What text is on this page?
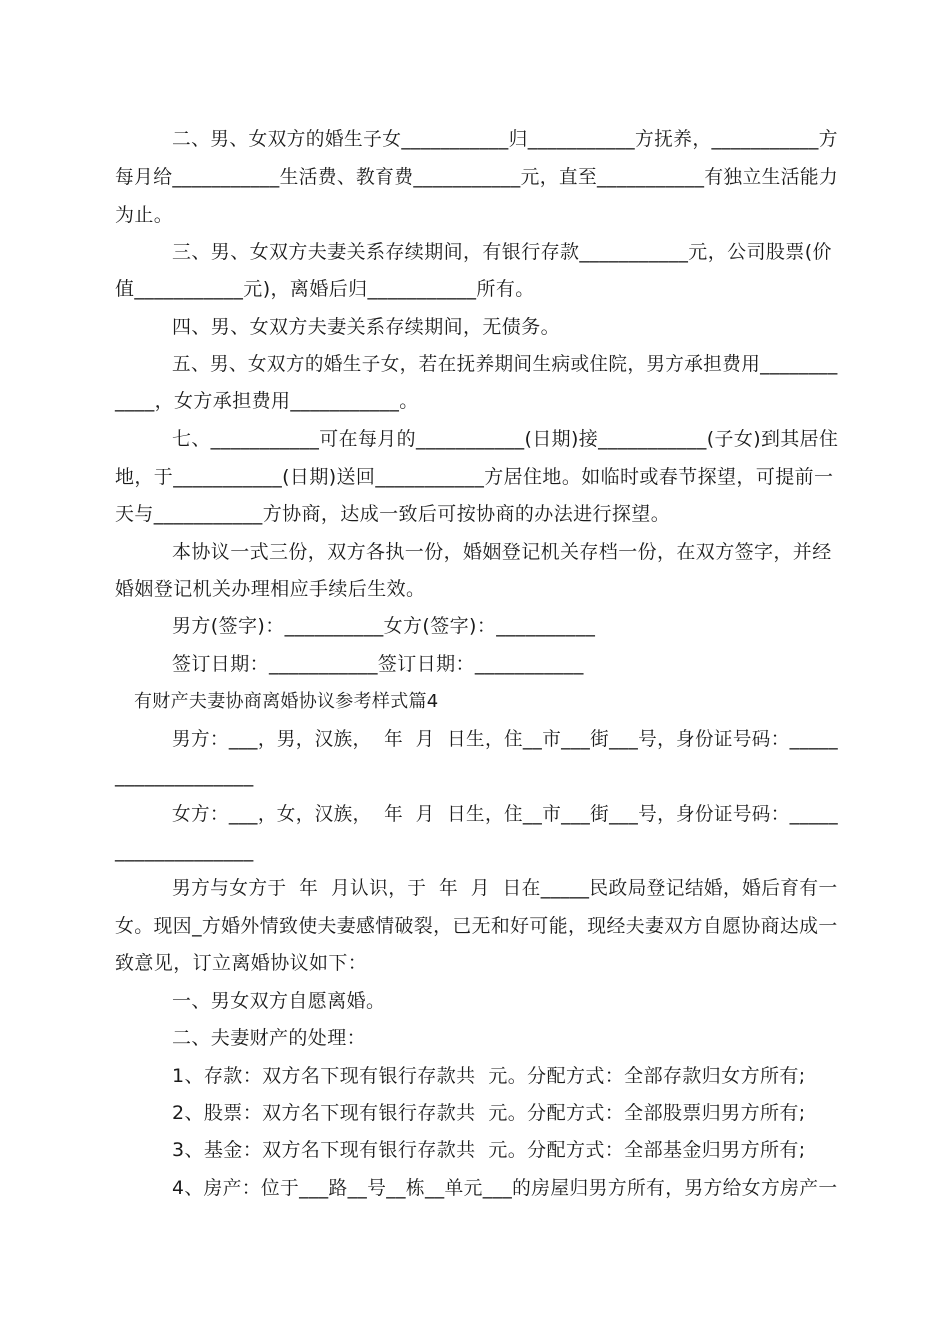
二、男、女双方的婚生子女___________归___________方抚养，___________方
每月给___________生活费、教育费___________元，直至___________有独立生活能力
为止。
三、男、女双方夫妻关系存续期间，有银行存款___________元，公司股票(价
值___________元)，离婚后归___________所有。
四、男、女双方夫妻关系存续期间，无债务。
五、男、女双方的婚生子女，若在抚养期间生病或住院，男方承担费用________
____，女方承担费用___________。
七、___________可在每月的___________(日期)接___________(子女)到其居住
地，于___________(日期)送回___________方居住地。如临时或春节探望，可提前一
天与___________方协商，达成一致后可按协商的办法进行探望。
本协议一式三份，双方各执一份，婚姻登记机关存档一份，在双方签字，并经
婚姻登记机关办理相应手续后生效。
男方(签字)：__________女方(签字)：__________
签订日期：___________签订日期：___________
有财产夫妻协商离婚协议参考样式篇4
男方：___，男，汉族，  年  月  日生，住__市___街___号，身份证号码：_____
______________
女方：___，女，汉族，  年  月  日生，住__市___街___号，身份证号码：_____
______________
男方与女方于  年  月认识，于  年  月  日在_____民政局登记结婚，婚后育有一
女。现因_方婚外情致使夫妻感情破裂，已无和好可能，现经夫妻双方自愿协商达成一
致意见，订立离婚协议如下：
一、男女双方自愿离婚。
二、夫妻财产的处理：
1、存款：双方名下现有银行存款共  元。分配方式：全部存款归女方所有;
2、股票：双方名下现有银行存款共  元。分配方式：全部股票归男方所有;
3、基金：双方名下现有银行存款共  元。分配方式：全部基金归男方所有;
4、房产：位于___路__号__栋__单元___的房屋归男方所有，男方给女方房产一
